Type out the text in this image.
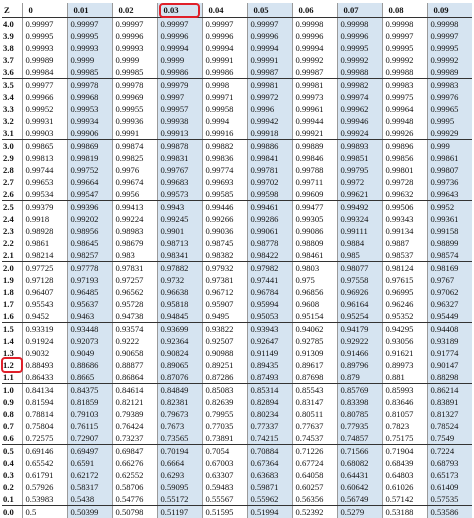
Z	0	0.01	0.02	0.03	0.04	0.05	0.06	0.07	0.08	0.09
4.0	0.99997	0.99997	0.99997	0.99997	0.99997	0.99997	0.99998	0.99998	0.99998	0.99998
3.9	0.99995	0.99995	0.99996	0.99996	0.99996	0.99996	0.99996	0.99996	0.99997	0.99997
3.8	0.99993	0.99993	0.99993	0.99994	0.99994	0.99994	0.99994	0.99995	0.99995	0.99995
3.7	0.99989	0.9999	0.9999	0.9999	0.99991	0.99991	0.99992	0.99992	0.99992	0.99992
3.6	0.99984	0.99985	0.99985	0.99986	0.99986	0.99987	0.99987	0.99988	0.99988	0.99989
3.5	0.99977	0.99978	0.99978	0.99979	0.9998	0.99981	0.99981	0.99982	0.99983	0.99983
3.4	0.99966	0.99968	0.99969	0.9997	0.99971	0.99972	0.99973	0.99974	0.99975	0.99976
3.3	0.99952	0.99953	0.99955	0.99957	0.99958	0.9996	0.99961	0.99962	0.99964	0.99965
3.2	0.99931	0.99934	0.99936	0.99938	0.9994	0.99942	0.99944	0.99946	0.99948	0.9995
3.1	0.99903	0.99906	0.9991	0.99913	0.99916	0.99918	0.99921	0.99924	0.99926	0.99929
3.0	0.99865	0.99869	0.99874	0.99878	0.99882	0.99886	0.99889	0.99893	0.99896	0.999
2.9	0.99813	0.99819	0.99825	0.99831	0.99836	0.99841	0.99846	0.99851	0.99856	0.99861
2.8	0.99744	0.99752	0.9976	0.99767	0.99774	0.99781	0.99788	0.99795	0.99801	0.99807
2.7	0.99653	0.99664	0.99674	0.99683	0.99693	0.99702	0.99711	0.9972	0.99728	0.99736
2.6	0.99534	0.99547	0.9956	0.99573	0.99585	0.99598	0.99609	0.99621	0.99632	0.99643
2.5	0.99379	0.99396	0.99413	0.9943	0.99446	0.99461	0.99477	0.99492	0.99506	0.9952
2.4	0.9918	0.99202	0.99224	0.99245	0.99266	0.99286	0.99305	0.99324	0.99343	0.99361
2.3	0.98928	0.98956	0.98983	0.9901	0.99036	0.99061	0.99086	0.99111	0.99134	0.99158
2.2	0.9861	0.98645	0.98679	0.98713	0.98745	0.98778	0.98809	0.9884	0.9887	0.98899
2.1	0.98214	0.98257	0.983	0.98341	0.98382	0.98422	0.98461	0.985	0.98537	0.98574
2.0	0.97725	0.97778	0.97831	0.97882	0.97932	0.97982	0.9803	0.98077	0.98124	0.98169
1.9	0.97128	0.97193	0.97257	0.9732	0.97381	0.97441	0.975	0.97558	0.97615	0.9767
1.8	0.96407	0.96485	0.96562	0.96638	0.96712	0.96784	0.96856	0.96926	0.96995	0.97062
1.7	0.95543	0.95637	0.95728	0.95818	0.95907	0.95994	0.9608	0.96164	0.96246	0.96327
1.6	0.9452	0.9463	0.94738	0.94845	0.9495	0.95053	0.95154	0.95254	0.95352	0.95449
1.5	0.93319	0.93448	0.93574	0.93699	0.93822	0.93943	0.94062	0.94179	0.94295	0.94408
1.4	0.91924	0.92073	0.9222	0.92364	0.92507	0.92647	0.92785	0.92922	0.93056	0.93189
1.3	0.9032	0.9049	0.90658	0.90824	0.90988	0.91149	0.91309	0.91466	0.91621	0.91774
1.2	0.88493	0.88686	0.88877	0.89065	0.89251	0.89435	0.89617	0.89796	0.89973	0.90147
1.1	0.86433	0.8665	0.86864	0.87076	0.87286	0.87493	0.87698	0.879	0.881	0.88298
1.0	0.84134	0.84375	0.84614	0.84849	0.85083	0.85314	0.85543	0.85769	0.85993	0.86214
0.9	0.81594	0.81859	0.82121	0.82381	0.82639	0.82894	0.83147	0.83398	0.83646	0.83891
0.8	0.78814	0.79103	0.79389	0.79673	0.79955	0.80234	0.80511	0.80785	0.81057	0.81327
0.7	0.75804	0.76115	0.76424	0.7673	0.77035	0.77337	0.77637	0.77935	0.7823	0.78524
0.6	0.72575	0.72907	0.73237	0.73565	0.73891	0.74215	0.74537	0.74857	0.75175	0.7549
0.5	0.69146	0.69497	0.69847	0.70194	0.7054	0.70884	0.71226	0.71566	0.71904	0.7224
0.4	0.65542	0.6591	0.66276	0.6664	0.67003	0.67364	0.67724	0.68082	0.68439	0.68793
0.3	0.61791	0.62172	0.62552	0.6293	0.63307	0.63683	0.64058	0.64431	0.64803	0.65173
0.2	0.57926	0.58317	0.58706	0.59095	0.59483	0.59871	0.60257	0.60642	0.61026	0.61409
0.1	0.53983	0.5438	0.54776	0.55172	0.55567	0.55962	0.56356	0.56749	0.57142	0.57535
0.0	0.5	0.50399	0.50798	0.51197	0.51595	0.51994	0.52392	0.5279	0.53188	0.53586
